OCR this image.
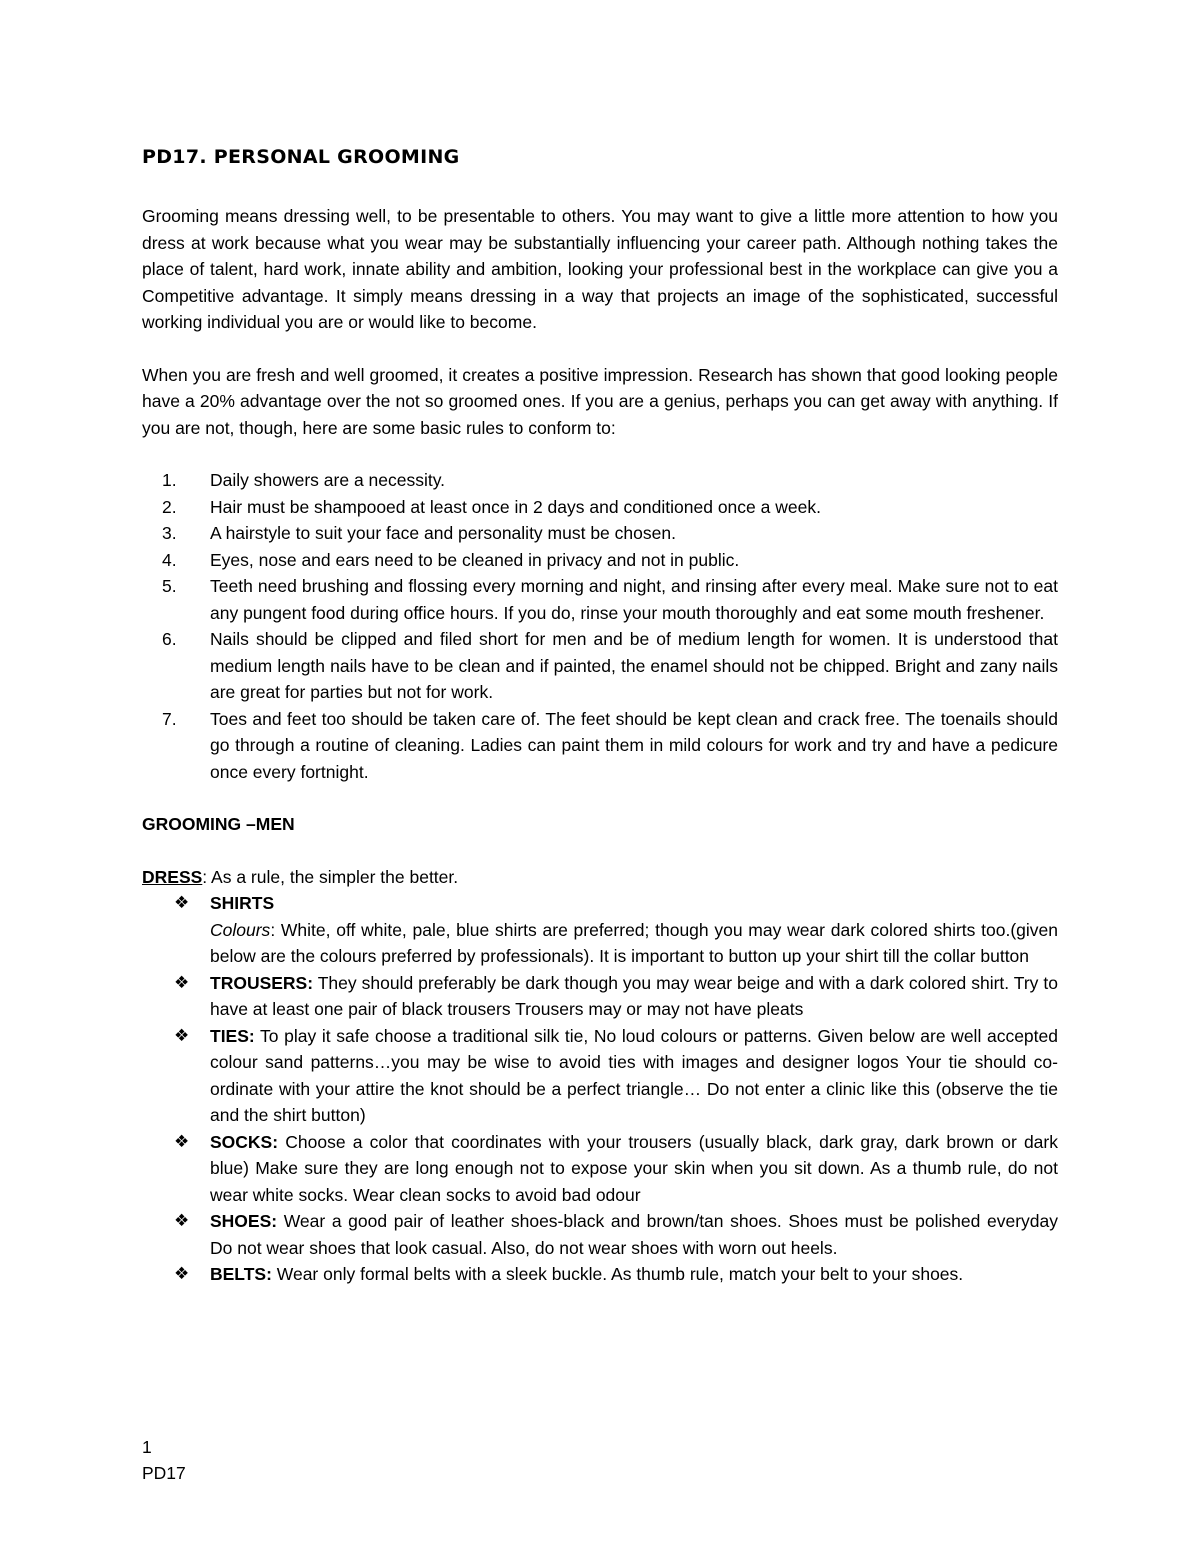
PD17. PERSONAL GROOMING

Grooming means dressing well, to be presentable to others. You may want to give a little more attention to how you dress at work because what you wear may be substantially influencing your career path. Although nothing takes the place of talent, hard work, innate ability and ambition, looking your professional best in the workplace can give you a Competitive advantage. It simply means dressing in a way that projects an image of the sophisticated, successful working individual you are or would like to become.

When you are fresh and well groomed, it creates a positive impression. Research has shown that good looking people have a 20% advantage over the not so groomed ones. If you are a genius, perhaps you can get away with anything. If you are not, though, here are some basic rules to conform to:

1. Daily showers are a necessity.
2. Hair must be shampooed at least once in 2 days and conditioned once a week.
3. A hairstyle to suit your face and personality must be chosen.
4. Eyes, nose and ears need to be cleaned in privacy and not in public.
5. Teeth need brushing and flossing every morning and night, and rinsing after every meal. Make sure not to eat any pungent food during office hours. If you do, rinse your mouth thoroughly and eat some mouth freshener.
6. Nails should be clipped and filed short for men and be of medium length for women. It is understood that medium length nails have to be clean and if painted, the enamel should not be chipped. Bright and zany nails are great for parties but not for work.
7. Toes and feet too should be taken care of. The feet should be kept clean and crack free. The toenails should go through a routine of cleaning. Ladies can paint them in mild colours for work and try and have a pedicure once every fortnight.
GROOMING –MEN
DRESS: As a rule, the simpler the better.
❖ SHIRTS
Colours: White, off white, pale, blue shirts are preferred; though you may wear dark colored shirts too.(given below are the colours preferred by professionals). It is important to button up your shirt till the collar button
❖ TROUSERS: They should preferably be dark though you may wear beige and with a dark colored shirt. Try to have at least one pair of black trousers Trousers may or may not have pleats
❖ TIES: To play it safe choose a traditional silk tie, No loud colours or patterns. Given below are well accepted colour sand patterns…you may be wise to avoid ties with images and designer logos Your tie should co-ordinate with your attire the knot should be a perfect triangle… Do not enter a clinic like this (observe the tie and the shirt button)
❖ SOCKS: Choose a color that coordinates with your trousers (usually black, dark gray, dark brown or dark blue) Make sure they are long enough not to expose your skin when you sit down. As a thumb rule, do not wear white socks. Wear clean socks to avoid bad odour
❖ SHOES: Wear a good pair of leather shoes-black and brown/tan shoes. Shoes must be polished everyday Do not wear shoes that look casual. Also, do not wear shoes with worn out heels.
❖ BELTS: Wear only formal belts with a sleek buckle. As thumb rule, match your belt to your shoes.
1
PD17
